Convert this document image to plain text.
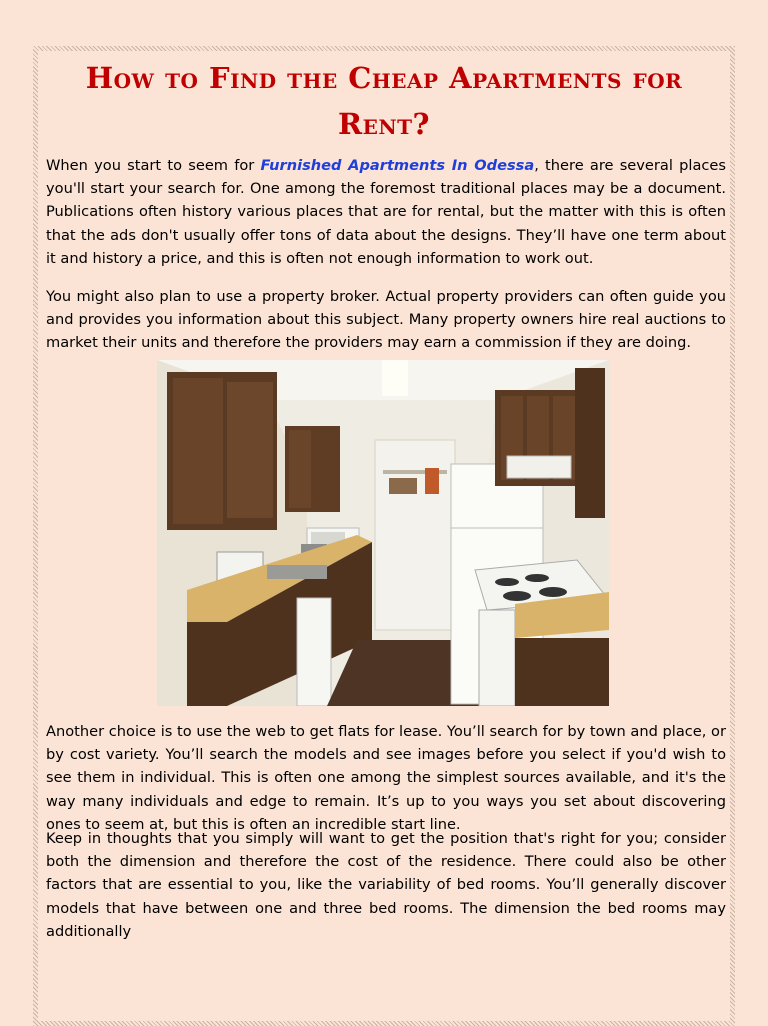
How to Find the Cheap Apartments for Rent?

When you start to seem for Furnished Apartments In Odessa, there are several places you'll start your search for. One among the foremost traditional places may be a document. Publications often history various places that are for rental, but the matter with this is often that the ads don't usually offer tons of data about the designs. They’ll have one term about it and history a price, and this is often not enough information to work out.

You might also plan to use a property broker. Actual property providers can often guide you and provides you information about this subject. Many property owners hire real auctions to market their units and therefore the providers may earn a commission if they are doing.

Another choice is to use the web to get flats for lease. You’ll search for by town and place, or by cost variety. You’ll search the models and see images before you select if you'd wish to see them in individual. This is often one among the simplest sources available, and it's the way many individuals and edge to remain. It’s up to you ways you set about discovering ones to seem at, but this is often an incredible start line.

Keep in thoughts that you simply will want to get the position that's right for you; consider both the dimension and therefore the cost of the residence. There could also be other factors that are essential to you, like the variability of bed rooms. You’ll generally discover models that have between one and three bed rooms. The dimension the bed rooms may additionally
